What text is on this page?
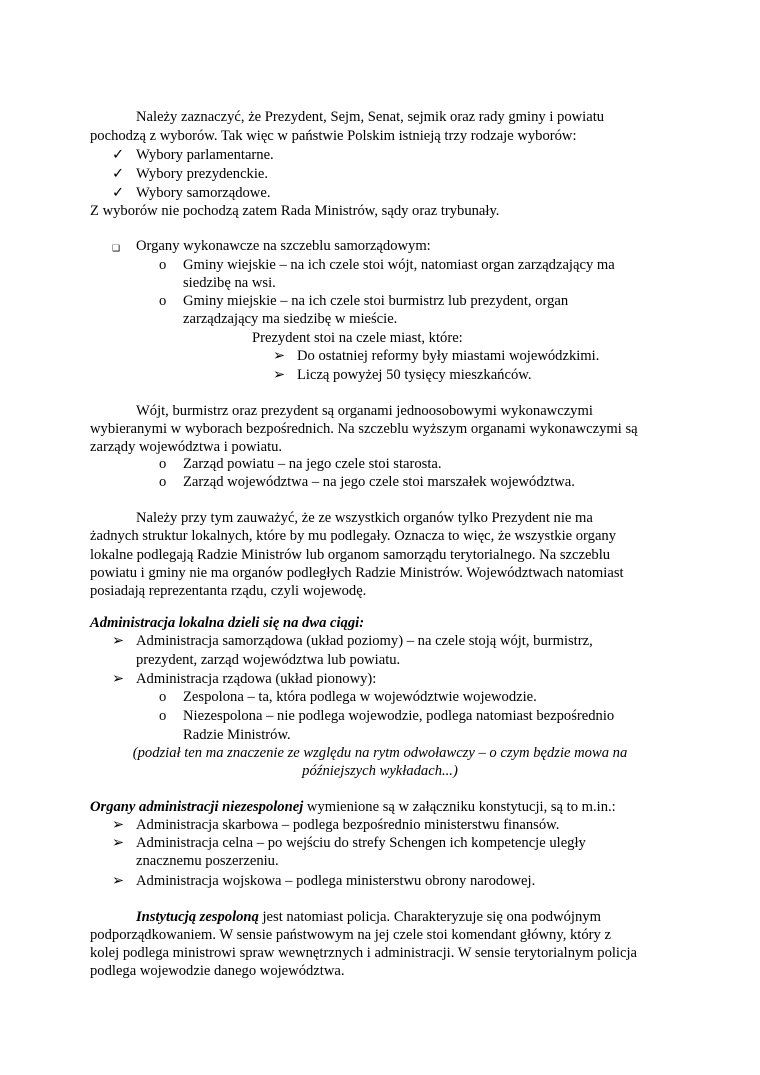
Należy zaznaczyć, że Prezydent, Sejm, Senat, sejmik oraz rady gminy i powiatu
pochodzą z wyborów. Tak więc w państwie Polskim istnieją trzy rodzaje wyborów:
✓ Wybory parlamentarne.
✓ Wybory prezydenckie.
✓ Wybory samorządowe.
Z wyborów nie pochodzą zatem Rada Ministrów, sądy oraz trybunały.
❑ Organy wykonawcze na szczeblu samorządowym:
o Gminy wiejskie – na ich czele stoi wójt, natomiast organ zarządzający ma
siedzibę na wsi.
o Gminy miejskie – na ich czele stoi burmistrz lub prezydent, organ
zarządzający ma siedzibę w mieście.
Prezydent stoi na czele miast, które:
➢ Do ostatniej reformy były miastami wojewódzkimi.
➢ Liczą powyżej 50 tysięcy mieszkańców.
Wójt, burmistrz oraz prezydent są organami jednoosobowymi wykonawczymi
wybieranymi w wyborach bezpośrednich. Na szczeblu wyższym organami wykonawczymi są
zarządy województwa i powiatu.
o Zarząd powiatu – na jego czele stoi starosta.
o Zarząd województwa – na jego czele stoi marszałek województwa.
Należy przy tym zauważyć, że ze wszystkich organów tylko Prezydent nie ma
żadnych struktur lokalnych, które by mu podlegały. Oznacza to więc, że wszystkie organy
lokalne podlegają Radzie Ministrów lub organom samorządu terytorialnego. Na szczeblu
powiatu i gminy nie ma organów podległych Radzie Ministrów. Województwach natomiast
posiadają reprezentanta rządu, czyli wojewodę.
Administracja lokalna dzieli się na dwa ciągi:
➢ Administracja samorządowa (układ poziomy) – na czele stoją wójt, burmistrz,
prezydent, zarząd województwa lub powiatu.
➢ Administracja rządowa (układ pionowy):
o Zespolona – ta, która podlega w województwie wojewodzie.
o Niezespolona – nie podlega wojewodzie, podlega natomiast bezpośrednio
Radzie Ministrów.
(podział ten ma znaczenie ze względu na rytm odwoławczy – o czym będzie mowa na
późniejszych wykładach...)
Organy administracji niezespolonej wymienione są w załączniku konstytucji, są to m.in.:
➢ Administracja skarbowa – podlega bezpośrednio ministerstwu finansów.
➢ Administracja celna – po wejściu do strefy Schengen ich kompetencje uległy
znacznemu poszerzeniu.
➢ Administracja wojskowa – podlega ministerstwu obrony narodowej.
Instytucją zespoloną jest natomiast policja. Charakteryzuje się ona podwójnym
podporządkowaniem. W sensie państwowym na jej czele stoi komendant główny, który z
kolej podlega ministrowi spraw wewnętrznych i administracji. W sensie terytorialnym policja
podlega wojewodzie danego województwa.
